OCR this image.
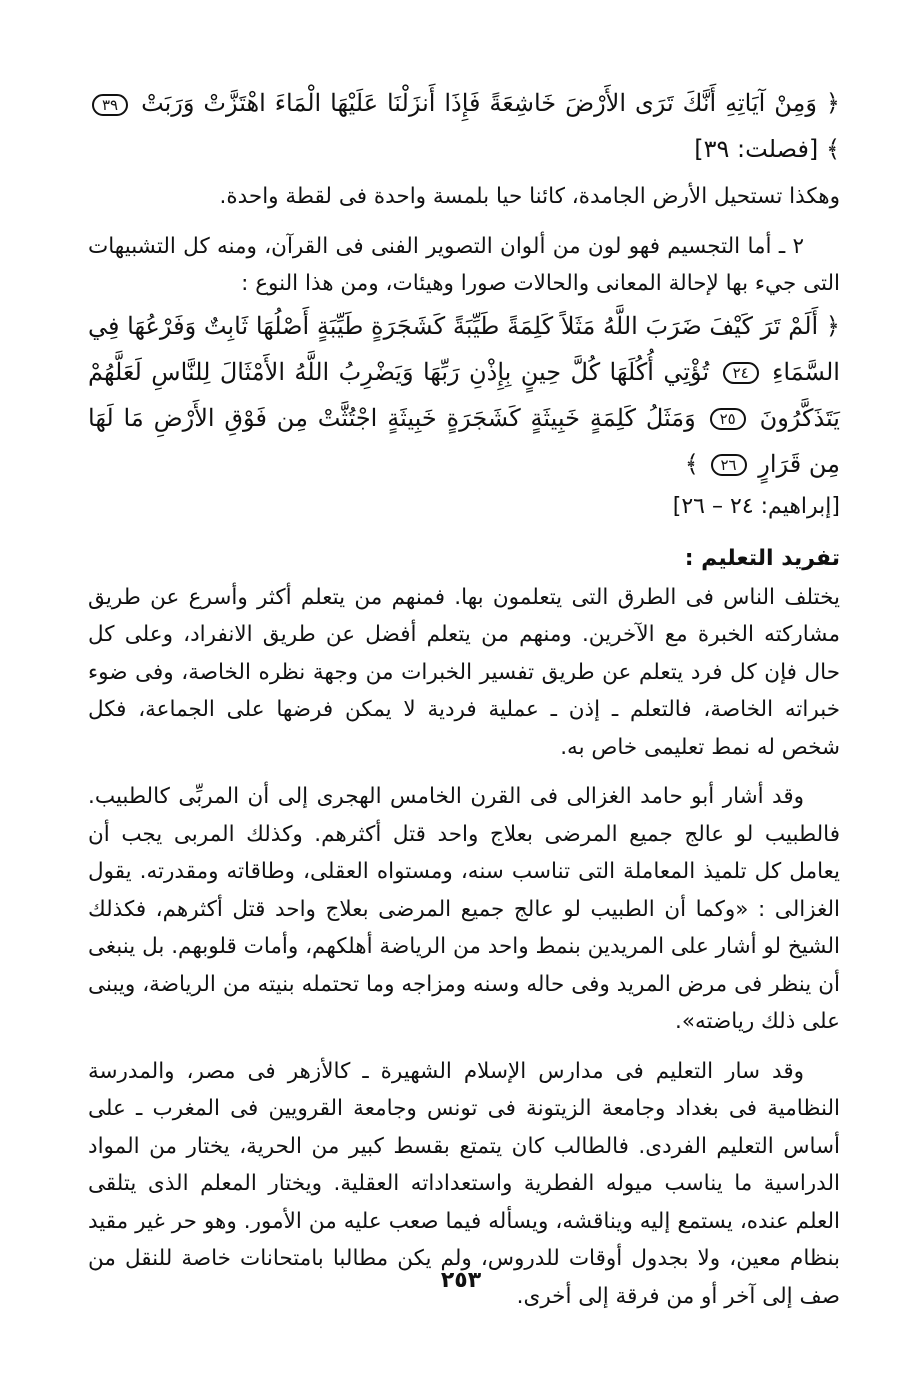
﴿ وَمِنْ آيَاتِهِ أَنَّكَ تَرَى الأَرْضَ خَاشِعَةً فَإِذَا أَنزَلْنَا عَلَيْهَا الْمَاءَ اهْتَزَّتْ وَرَبَتْ ٣٩ ﴾ [فصلت: ٣٩]

وهكذا تستحيل الأرض الجامدة، كائنا حيا بلمسة واحدة فى لقطة واحدة.

٢ ـ أما التجسيم فهو لون من ألوان التصوير الفنى فى القرآن، ومنه كل التشبيهات التى جيء بها لإحالة المعانى والحالات صورا وهيئات، ومن هذا النوع :

﴿ أَلَمْ تَرَ كَيْفَ ضَرَبَ اللَّهُ مَثَلاً كَلِمَةً طَيِّبَةً كَشَجَرَةٍ طَيِّبَةٍ أَصْلُهَا ثَابِتٌ وَفَرْعُهَا فِي السَّمَاءِ ٢٤ تُؤْتِي أُكُلَهَا كُلَّ حِينٍ بِإِذْنِ رَبِّهَا وَيَضْرِبُ اللَّهُ الأَمْثَالَ لِلنَّاسِ لَعَلَّهُمْ يَتَذَكَّرُونَ ٢٥ وَمَثَلُ كَلِمَةٍ خَبِيثَةٍ كَشَجَرَةٍ خَبِيثَةٍ اجْتُثَّتْ مِن فَوْقِ الأَرْضِ مَا لَهَا مِن قَرَارٍ ٢٦ ﴾

[إبراهيم: ٢٤ – ٢٦]

تفريد التعليم :

يختلف الناس فى الطرق التى يتعلمون بها. فمنهم من يتعلم أكثر وأسرع عن طريق مشاركته الخبرة مع الآخرين. ومنهم من يتعلم أفضل عن طريق الانفراد، وعلى كل حال فإن كل فرد يتعلم عن طريق تفسير الخبرات من وجهة نظره الخاصة، وفى ضوء خبراته الخاصة، فالتعلم ـ إذن ـ عملية فردية لا يمكن فرضها على الجماعة، فكل شخص له نمط تعليمى خاص به.

وقد أشار أبو حامد الغزالى فى القرن الخامس الهجرى إلى أن المربِّى كالطبيب. فالطبيب لو عالج جميع المرضى بعلاج واحد قتل أكثرهم. وكذلك المربى يجب أن يعامل كل تلميذ المعاملة التى تناسب سنه، ومستواه العقلى، وطاقاته ومقدرته. يقول الغزالى : «وكما أن الطبيب لو عالج جميع المرضى بعلاج واحد قتل أكثرهم، فكذلك الشيخ لو أشار على المريدين بنمط واحد من الرياضة أهلكهم، وأمات قلوبهم. بل ينبغى أن ينظر فى مرض المريد وفى حاله وسنه ومزاجه وما تحتمله بنيته من الرياضة، ويبنى على ذلك رياضته».

وقد سار التعليم فى مدارس الإسلام الشهيرة ـ كالأزهر فى مصر، والمدرسة النظامية فى بغداد وجامعة الزيتونة فى تونس وجامعة القرويين فى المغرب ـ على أساس التعليم الفردى. فالطالب كان يتمتع بقسط كبير من الحرية، يختار من المواد الدراسية ما يناسب ميوله الفطرية واستعداداته العقلية. ويختار المعلم الذى يتلقى العلم عنده، يستمع إليه ويناقشه، ويسأله فيما صعب عليه من الأمور. وهو حر غير مقيد بنظام معين، ولا بجدول أوقات للدروس، ولم يكن مطالبا بامتحانات خاصة للنقل من صف إلى آخر أو من فرقة إلى أخرى.

٢٥٣
